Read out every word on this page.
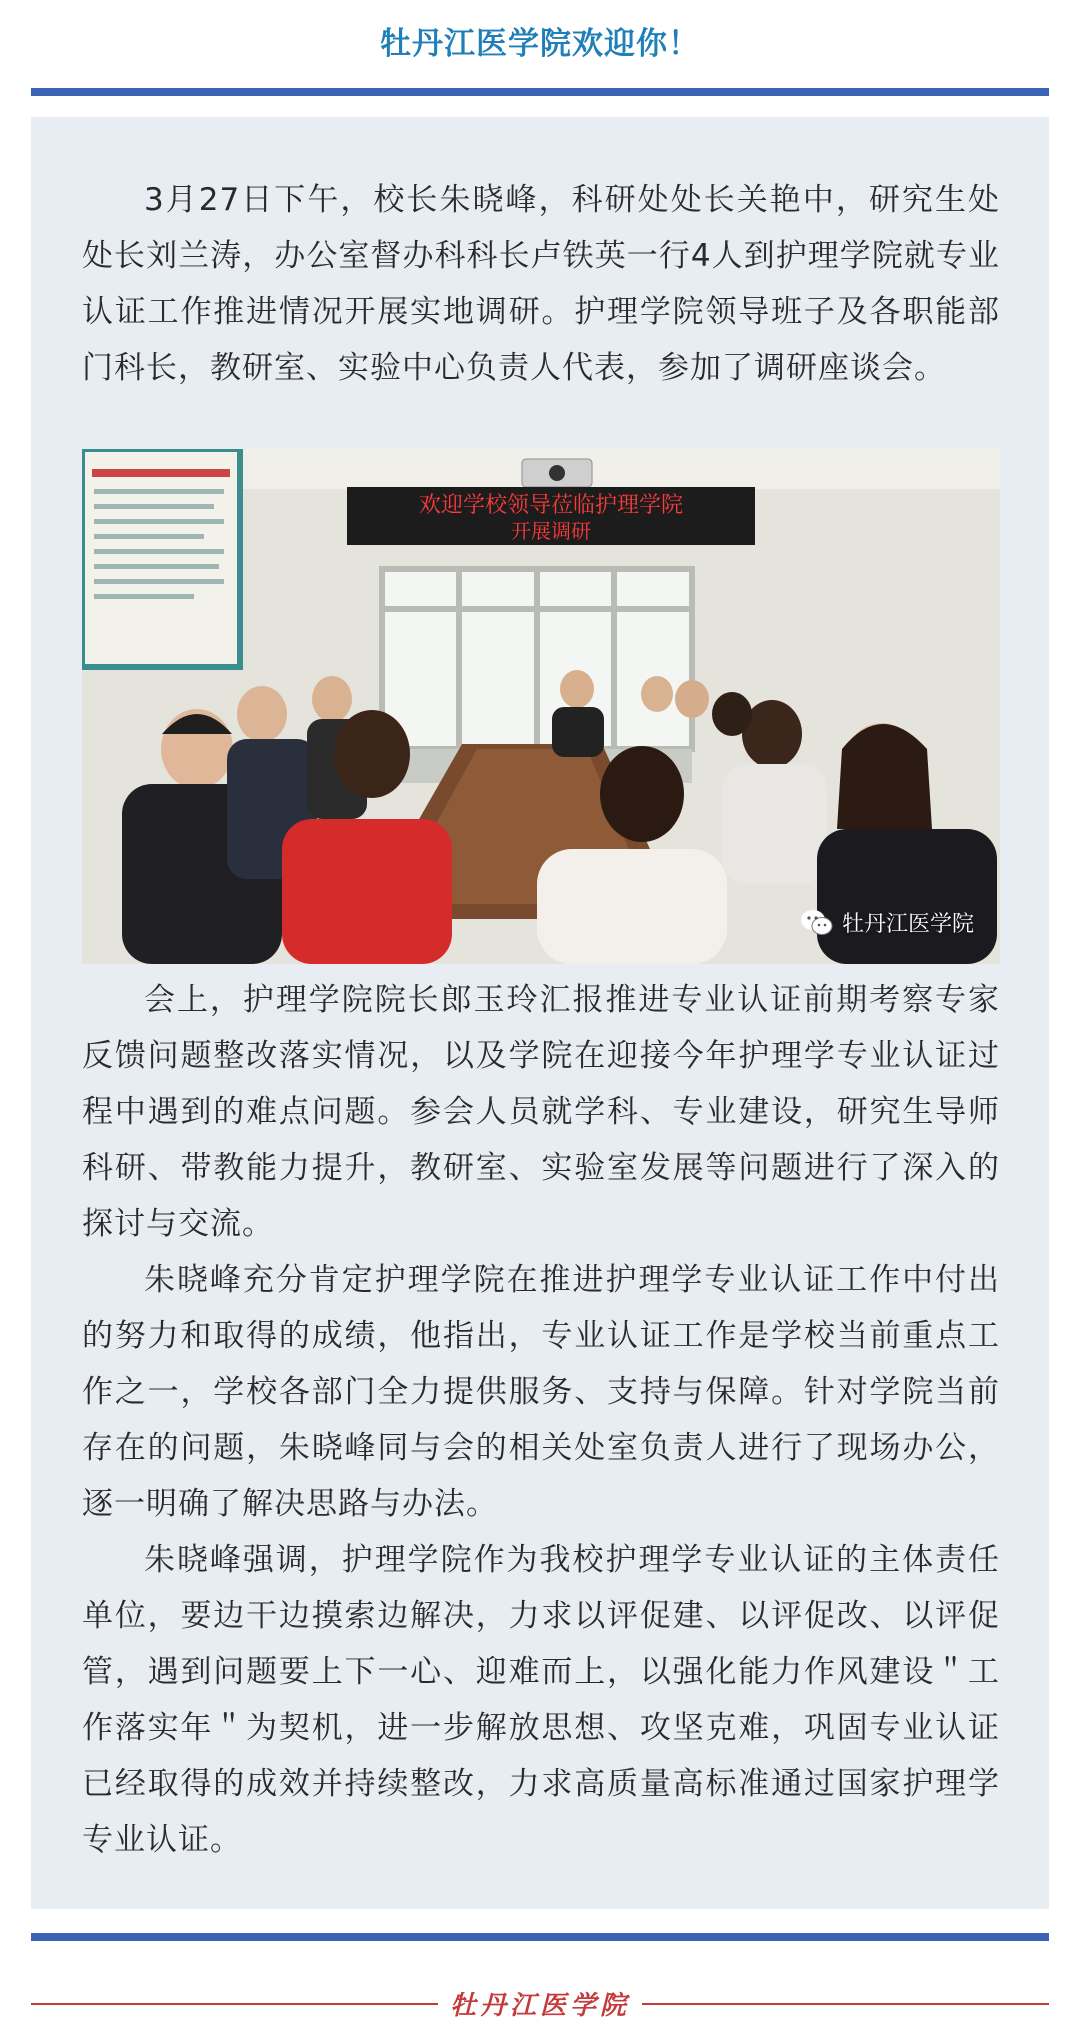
牡丹江医学院欢迎你！

3月27日下午，校长朱晓峰，科研处处长关艳中，研究生处处长刘兰涛，办公室督办科科长卢铁英一行4人到护理学院就专业认证工作推进情况开展实地调研。护理学院领导班子及各职能部门科长，教研室、实验中心负责人代表，参加了调研座谈会。

欢迎学校领导莅临护理学院
开展调研
牡丹江医学院

会上，护理学院院长郎玉玲汇报推进专业认证前期考察专家反馈问题整改落实情况，以及学院在迎接今年护理学专业认证过程中遇到的难点问题。参会人员就学科、专业建设，研究生导师科研、带教能力提升，教研室、实验室发展等问题进行了深入的探讨与交流。

朱晓峰充分肯定护理学院在推进护理学专业认证工作中付出的努力和取得的成绩，他指出，专业认证工作是学校当前重点工作之一，学校各部门全力提供服务、支持与保障。针对学院当前存在的问题，朱晓峰同与会的相关处室负责人进行了现场办公，逐一明确了解决思路与办法。

朱晓峰强调，护理学院作为我校护理学专业认证的主体责任单位，要边干边摸索边解决，力求以评促建、以评促改、以评促管，遇到问题要上下一心、迎难而上，以强化能力作风建设＂工作落实年＂为契机，进一步解放思想、攻坚克难，巩固专业认证已经取得的成效并持续整改，力求高质量高标准通过国家护理学专业认证。

牡丹江医学院
